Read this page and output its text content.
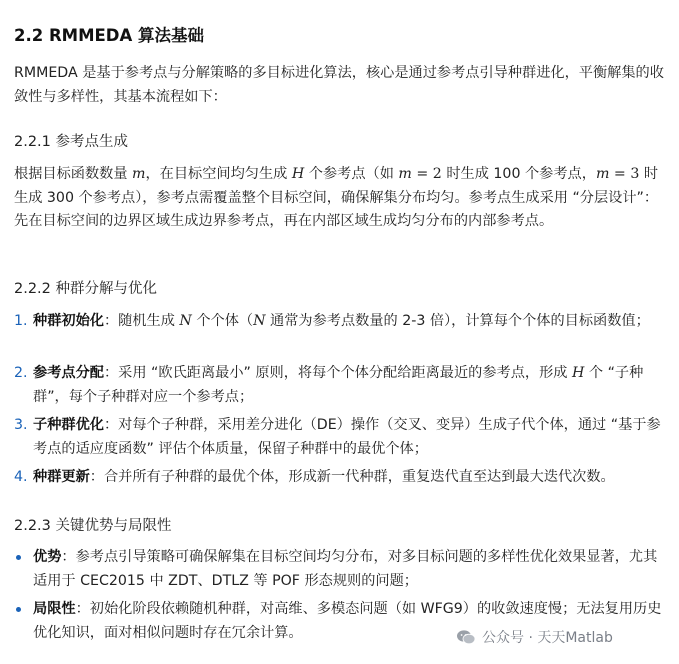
2.2 RMMEDA 算法基础
RMMEDA 是基于参考点与分解策略的多目标进化算法，核心是通过参考点引导种群进化，平衡解集的收敛性与多样性，其基本流程如下：
2.2.1 参考点生成
根据目标函数数量 m，在目标空间均匀生成 H 个参考点（如 m = 2 时生成 100 个参考点，m = 3 时生成 300 个参考点），参考点需覆盖整个目标空间，确保解集分布均匀。参考点生成采用 “分层设计”：先在目标空间的边界区域生成边界参考点，再在内部区域生成均匀分布的内部参考点。
2.2.2 种群分解与优化
1. 种群初始化：随机生成 N 个个体（N 通常为参考点数量的 2-3 倍），计算每个个体的目标函数值；
2. 参考点分配：采用 “欧氏距离最小” 原则，将每个个体分配给距离最近的参考点，形成 H 个 “子种群”，每个子种群对应一个参考点；
3. 子种群优化：对每个子种群，采用差分进化（DE）操作（交叉、变异）生成子代个体，通过 “基于参考点的适应度函数” 评估个体质量，保留子种群中的最优个体；
4. 种群更新：合并所有子种群的最优个体，形成新一代种群，重复迭代直至达到最大迭代次数。
2.2.3 关键优势与局限性
优势：参考点引导策略可确保解集在目标空间均匀分布，对多目标问题的多样性优化效果显著，尤其适用于 CEC2015 中 ZDT、DTLZ 等 POF 形态规则的问题；
局限性：初始化阶段依赖随机种群，对高维、多模态问题（如 WFG9）的收敛速度慢；无法复用历史优化知识，面对相似问题时存在冗余计算。	公众号 · 天天Matlab
